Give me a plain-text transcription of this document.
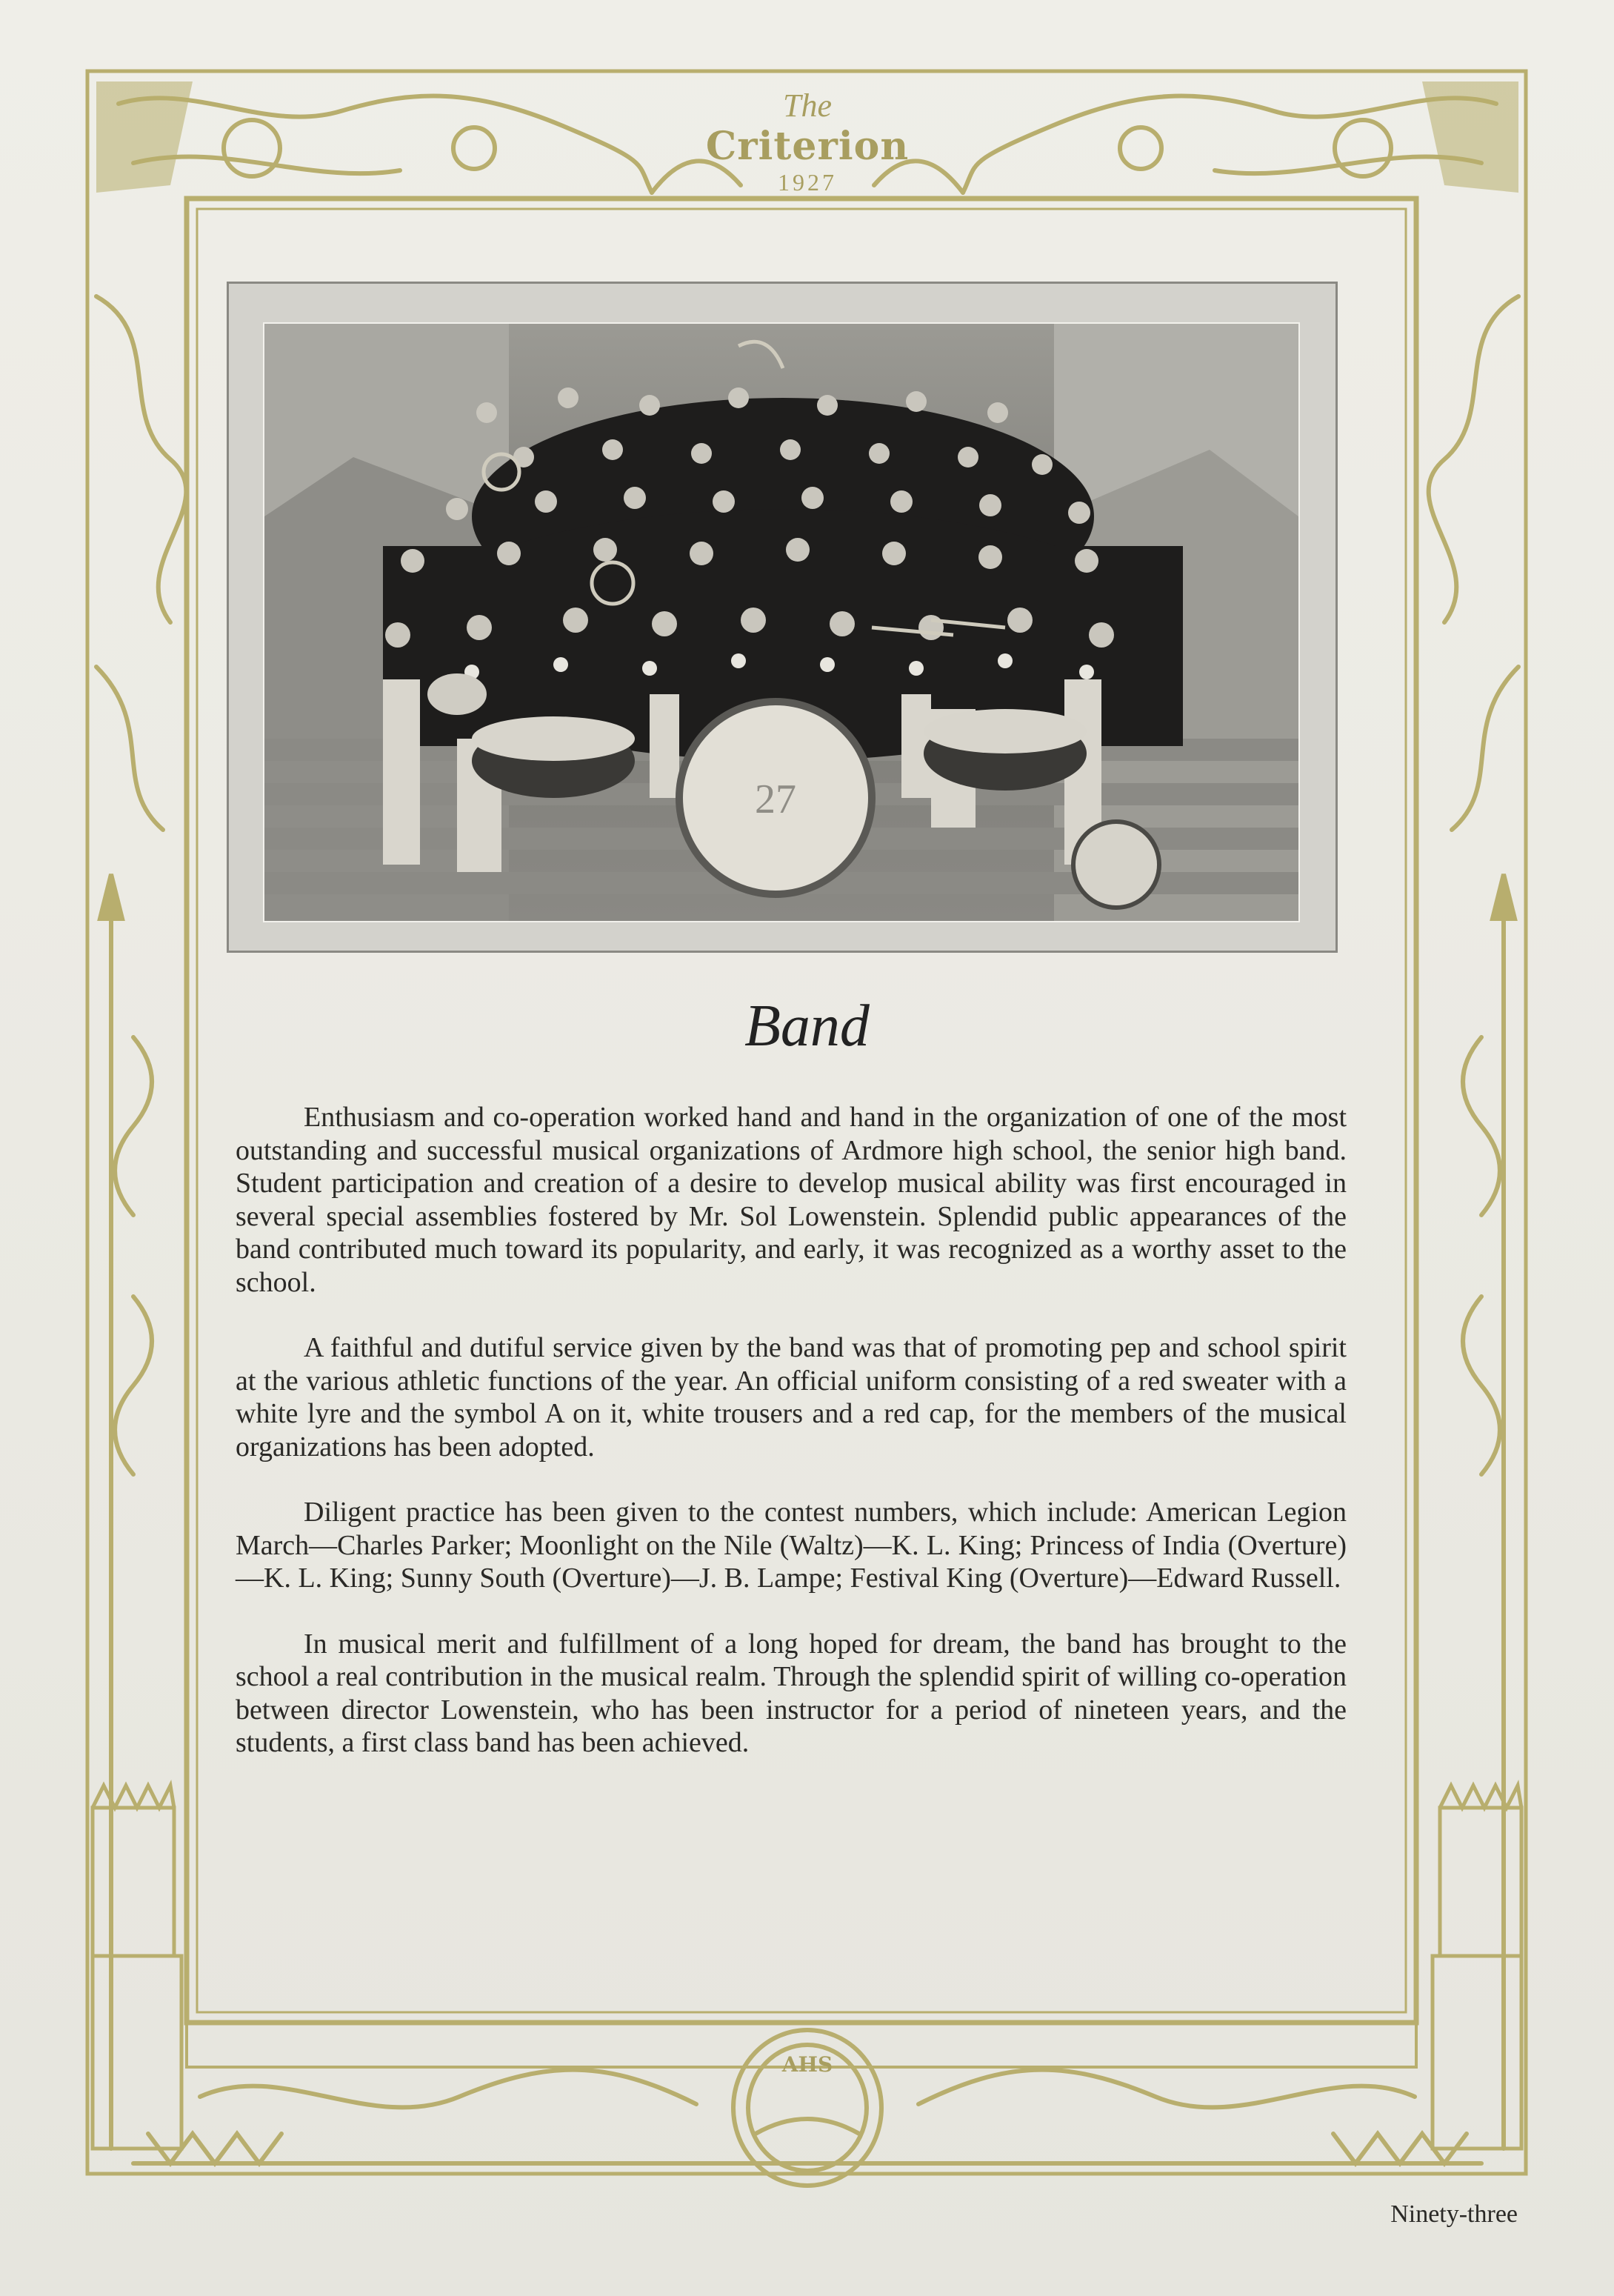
The
Criterion
1927
AHS
27
Band

Enthusiasm and co-operation worked hand and hand in the organization of one of the most outstanding and successful musical organizations of Ardmore high school, the senior high band. Student participation and creation of a desire to develop musical ability was first encouraged in several special assemblies fostered by Mr. Sol Lowenstein. Splendid public appearances of the band contributed much toward its popularity, and early, it was recognized as a worthy asset to the school.

A faithful and dutiful service given by the band was that of promoting pep and school spirit at the various athletic functions of the year. An official uniform consisting of a red sweater with a white lyre and the symbol A on it, white trousers and a red cap, for the members of the musical organizations has been adopted.

Diligent practice has been given to the contest numbers, which include: American Legion March—Charles Parker; Moonlight on the Nile (Waltz)—K. L. King; Princess of India (Overture)—K. L. King; Sunny South (Overture)—J. B. Lampe; Festival King (Overture)—Edward Russell.

In musical merit and fulfillment of a long hoped for dream, the band has brought to the school a real contribution in the musical realm. Through the splendid spirit of willing co-operation between director Lowenstein, who has been instructor for a period of nineteen years, and the students, a first class band has been achieved.

Ninety-three
